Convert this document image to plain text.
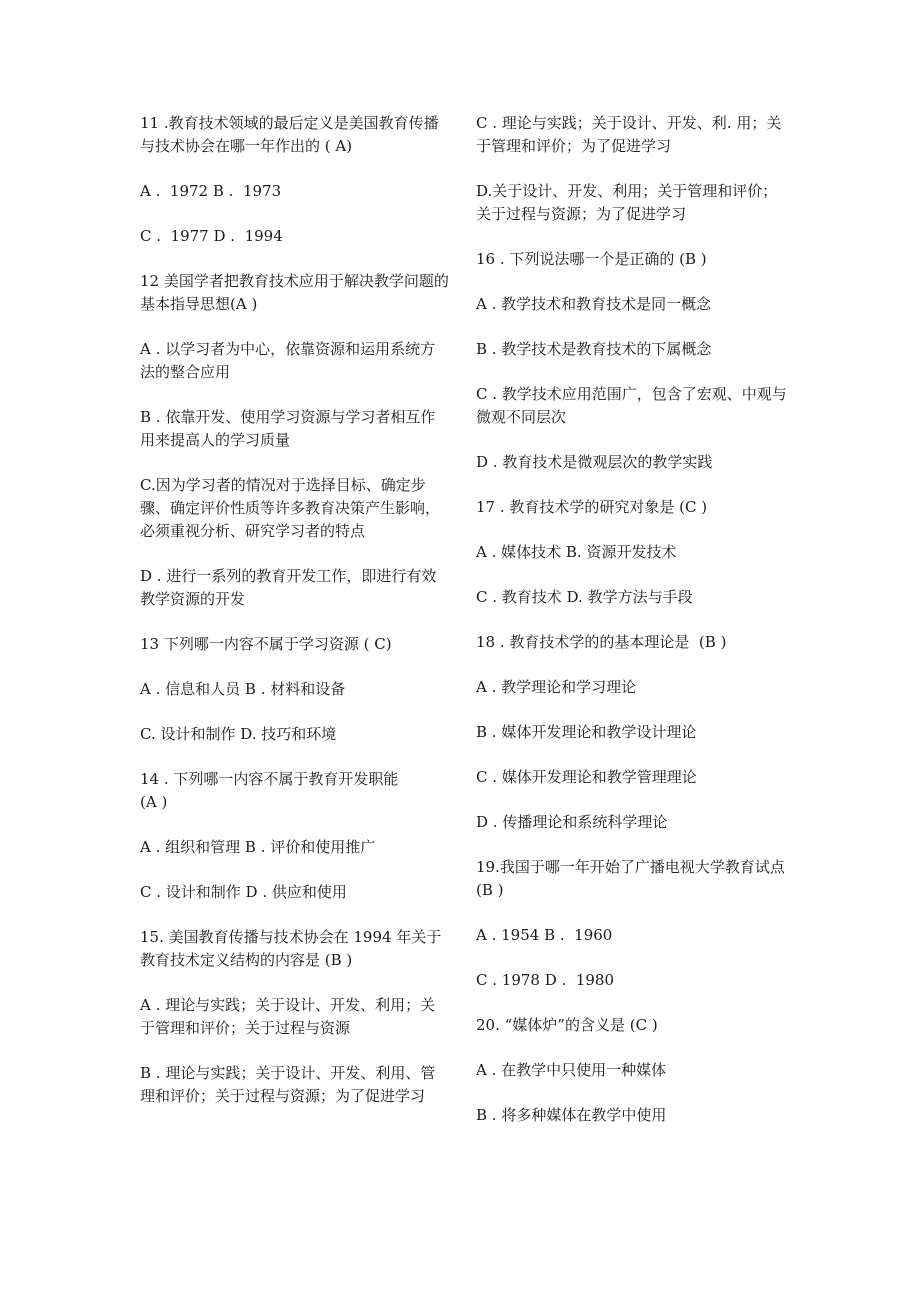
11 .教育技术领域的最后定义是美国教育传播与技术协会在哪一年作出的 ( A)

A .  1972 B .  1973

C .  1977 D .  1994

12 美国学者把教育技术应用于解决教学问题的基本指导思想(A )

A . 以学习者为中心，依靠资源和运用系统方法的整合应用

B . 依靠开发、使用学习资源与学习者相互作用来提高人的学习质量

C.因为学习者的情况对于选择目标、确定步骤、确定评价性质等许多教育决策产生影响，必须重视分析、研究学习者的特点

D . 进行一系列的教育开发工作，即进行有效教学资源的开发

13 下列哪一内容不属于学习资源 ( C)

A . 信息和人员 B . 材料和设备

C. 设计和制作 D. 技巧和环境

14 . 下列哪一内容不属于教育开发职能
(A )

A . 组织和管理 B . 评价和使用推广

C . 设计和制作 D . 供应和使用

15. 美国教育传播与技术协会在 1994 年关于教育技术定义结构的内容是 (B )

A . 理论与实践；关于设计、开发、利用；关于管理和评价；关于过程与资源

B . 理论与实践；关于设计、开发、利用、管理和评价；关于过程与资源；为了促进学习

C . 理论与实践；关于设计、开发、利. 用；关于管理和评价；为了促进学习

D.关于设计、开发、利用；关于管理和评价；关于过程与资源；为了促进学习

16 . 下列说法哪一个是正确的 (B )

A . 教学技术和教育技术是同一概念

B . 教学技术是教育技术的下属概念

C . 教学技术应用范围广，包含了宏观、中观与微观不同层次

D . 教育技术是微观层次的教学实践

17 . 教育技术学的研究对象是 (C )

A . 媒体技术 B. 资源开发技术

C . 教育技术 D. 教学方法与手段

18 . 教育技术学的的基本理论是  (B )

A . 教学理论和学习理论

B . 媒体开发理论和教学设计理论

C . 媒体开发理论和教学管理理论

D . 传播理论和系统科学理论

19.我国于哪一年开始了广播电视大学教育试点 (B )

A . 1954 B .  1960

C . 1978 D .  1980

20. “媒体炉”的含义是 (C )

A . 在教学中只使用一种媒体

B . 将多种媒体在教学中使用
